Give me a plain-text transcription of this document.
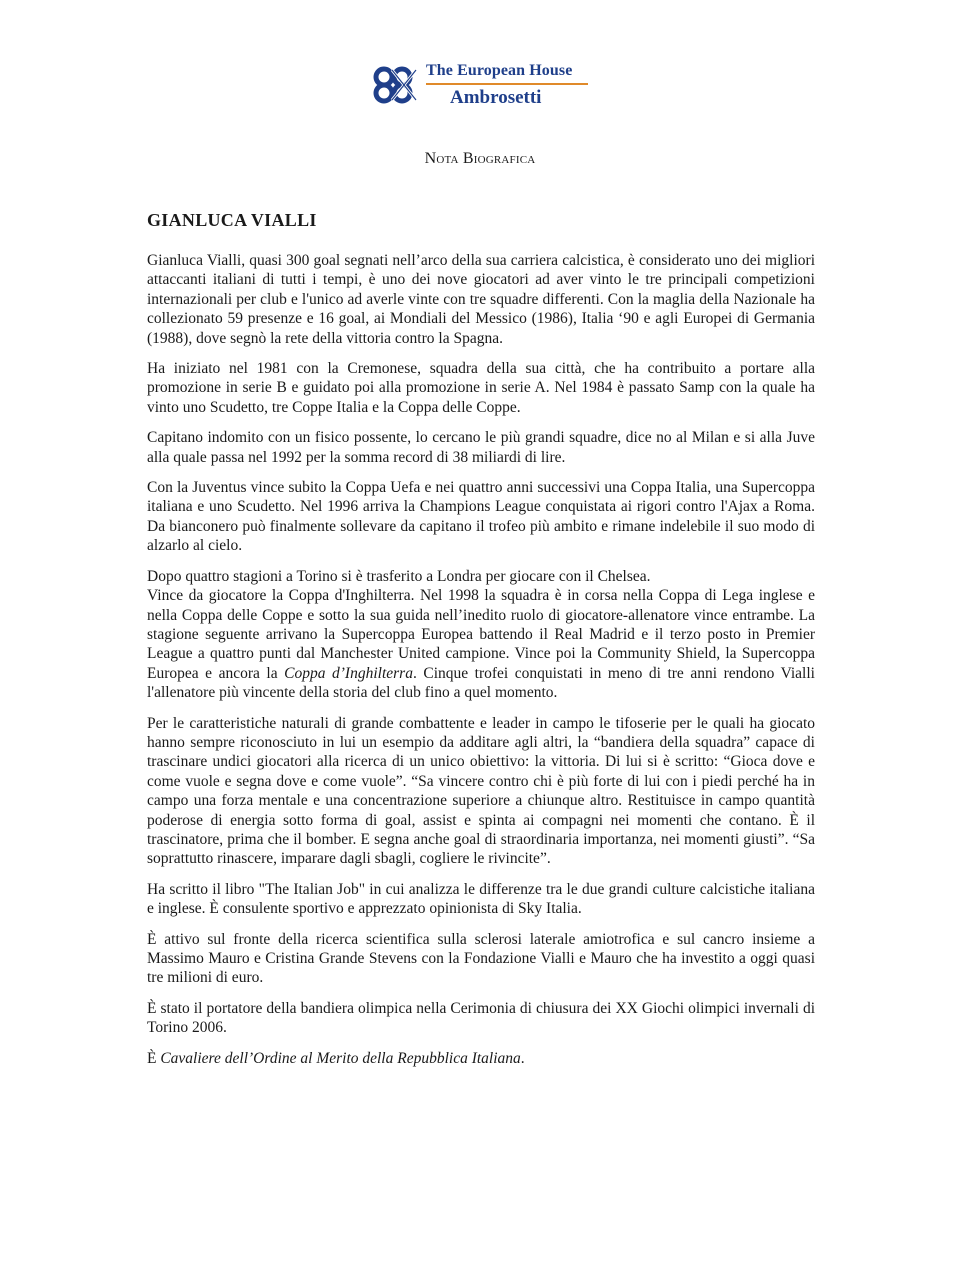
The European House
Ambrosetti
Nota Biografica
GIANLUCA VIALLI

Gianluca Vialli, quasi 300 goal segnati nell’arco della sua carriera calcistica, è considerato uno dei migliori attaccanti italiani di tutti i tempi, è uno dei nove giocatori ad aver vinto le tre principali competizioni internazionali per club e l'unico ad averle vinte con tre squadre differenti. Con la maglia della Nazionale ha collezionato 59 presenze e 16 goal, ai Mondiali del Messico (1986), Italia ‘90 e agli Europei di Germania (1988), dove segnò la rete della vittoria contro la Spagna.

Ha iniziato nel 1981 con la Cremonese, squadra della sua città, che ha contribuito a portare alla promozione in serie B e guidato poi alla promozione in serie A. Nel 1984 è passato Samp con la quale ha vinto uno Scudetto, tre Coppe Italia e la Coppa delle Coppe.

Capitano indomito con un fisico possente, lo cercano le più grandi squadre, dice no al Milan e si alla Juve alla quale passa nel 1992 per la somma record di 38 miliardi di lire.

Con la Juventus vince subito la Coppa Uefa e nei quattro anni successivi una Coppa Italia, una Supercoppa italiana e uno Scudetto. Nel 1996 arriva la Champions League conquistata ai rigori contro l'Ajax a Roma. Da bianconero può finalmente sollevare da capitano il trofeo più ambito e rimane indelebile il suo modo di alzarlo al cielo.

Dopo quattro stagioni a Torino si è trasferito a Londra per giocare con il Chelsea.

Vince da giocatore la Coppa d'Inghilterra. Nel 1998 la squadra è in corsa nella Coppa di Lega inglese e nella Coppa delle Coppe e sotto la sua guida nell’inedito ruolo di giocatore-allenatore vince entrambe. La stagione seguente arrivano la Supercoppa Europea battendo il Real Madrid e il terzo posto in Premier League a quattro punti dal Manchester United campione. Vince poi la Community Shield, la Supercoppa Europea e ancora la Coppa d’Inghilterra. Cinque trofei conquistati in meno di tre anni rendono Vialli l'allenatore più vincente della storia del club fino a quel momento.

Per le caratteristiche naturali di grande combattente e leader in campo le tifoserie per le quali ha giocato hanno sempre riconosciuto in lui un esempio da additare agli altri, la “bandiera della squadra” capace di trascinare undici giocatori alla ricerca di un unico obiettivo: la vittoria. Di lui si è scritto: “Gioca dove e come vuole e segna dove e come vuole”. “Sa vincere contro chi è più forte di lui con i piedi perché ha in campo una forza mentale e una concentrazione superiore a chiunque altro. Restituisce in campo quantità poderose di energia sotto forma di goal, assist e spinta ai compagni nei momenti che contano. È il trascinatore, prima che il bomber. E segna anche goal di straordinaria importanza, nei momenti giusti”. “Sa soprattutto rinascere, imparare dagli sbagli, cogliere le rivincite”.

Ha scritto il libro "The Italian Job" in cui analizza le differenze tra le due grandi culture calcistiche italiana e inglese. È consulente sportivo e apprezzato opinionista di Sky Italia.

È attivo sul fronte della ricerca scientifica sulla sclerosi laterale amiotrofica e sul cancro insieme a Massimo Mauro e Cristina Grande Stevens con la Fondazione Vialli e Mauro che ha investito a oggi quasi tre milioni di euro.

È stato il portatore della bandiera olimpica nella Cerimonia di chiusura dei XX Giochi olimpici invernali di Torino 2006.

È Cavaliere dell’Ordine al Merito della Repubblica Italiana.
